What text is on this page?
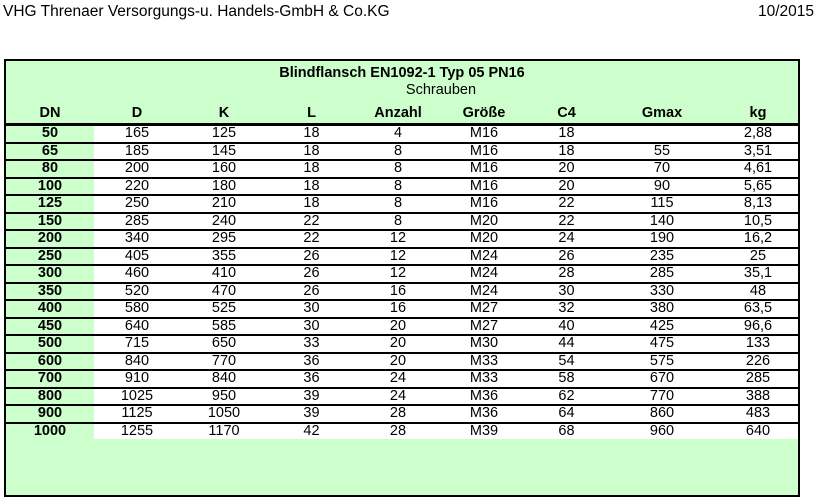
VHG Threnaer Versorgungs-u. Handels-GmbH & Co.KG	10/2015
Blindflansch EN1092-1 Typ 05 PN16								
				Schrauben				
DN	D	K	L	Anzahl	Größe	C4	Gmax	kg
50	165	125	18	4	M16	18		2,88
65	185	145	18	8	M16	18	55	3,51
80	200	160	18	8	M16	20	70	4,61
100	220	180	18	8	M16	20	90	5,65
125	250	210	18	8	M16	22	115	8,13
150	285	240	22	8	M20	22	140	10,5
200	340	295	22	12	M20	24	190	16,2
250	405	355	26	12	M24	26	235	25
300	460	410	26	12	M24	28	285	35,1
350	520	470	26	16	M24	30	330	48
400	580	525	30	16	M27	32	380	63,5
450	640	585	30	20	M27	40	425	96,6
500	715	650	33	20	M30	44	475	133
600	840	770	36	20	M33	54	575	226
700	910	840	36	24	M33	58	670	285
800	1025	950	39	24	M36	62	770	388
900	1125	1050	39	28	M36	64	860	483
1000	1255	1170	42	28	M39	68	960	640
